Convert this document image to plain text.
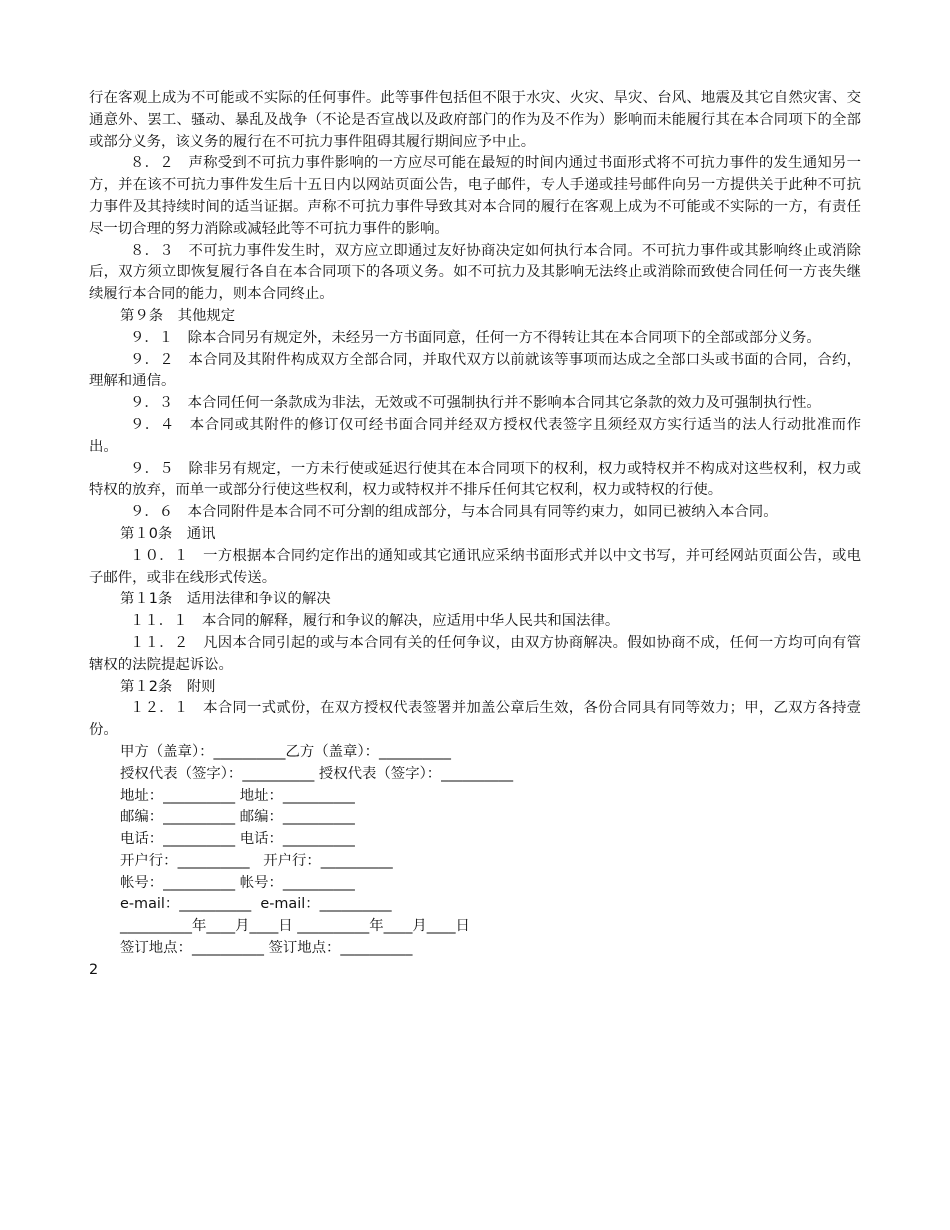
行在客观上成为不可能或不实际的任何事件。此等事件包括但不限于水灾、火灾、旱灾、台风、地震及其它自然灾害、交通意外、罢工、骚动、暴乱及战争（不论是否宣战以及政府部门的作为及不作为）影响而未能履行其在本合同项下的全部或部分义务，该义务的履行在不可抗力事件阻碍其履行期间应予中止。

８．２　声称受到不可抗力事件影响的一方应尽可能在最短的时间内通过书面形式将不可抗力事件的发生通知另一方，并在该不可抗力事件发生后十五日内以网站页面公告，电子邮件，专人手递或挂号邮件向另一方提供关于此种不可抗力事件及其持续时间的适当证据。声称不可抗力事件导致其对本合同的履行在客观上成为不可能或不实际的一方，有责任尽一切合理的努力消除或减轻此等不可抗力事件的影响。

８．３　不可抗力事件发生时，双方应立即通过友好协商决定如何执行本合同。不可抗力事件或其影响终止或消除后，双方须立即恢复履行各自在本合同项下的各项义务。如不可抗力及其影响无法终止或消除而致使合同任何一方丧失继续履行本合同的能力，则本合同终止。

第９条　其他规定

９．１　除本合同另有规定外，未经另一方书面同意，任何一方不得转让其在本合同项下的全部或部分义务。

９．２　本合同及其附件构成双方全部合同，并取代双方以前就该等事项而达成之全部口头或书面的合同，合约，理解和通信。

９．３　本合同任何一条款成为非法，无效或不可强制执行并不影响本合同其它条款的效力及可强制执行性。

９．４　本合同或其附件的修订仅可经书面合同并经双方授权代表签字且须经双方实行适当的法人行动批准而作出。

９．５　除非另有规定，一方未行使或延迟行使其在本合同项下的权利，权力或特权并不构成对这些权利，权力或特权的放弃，而单一或部分行使这些权利，权力或特权并不排斥任何其它权利，权力或特权的行使。

９．６　本合同附件是本合同不可分割的组成部分，与本合同具有同等约束力，如同已被纳入本合同。

第１0条　通讯

１０．１　一方根据本合同约定作出的通知或其它通讯应采纳书面形式并以中文书写，并可经网站页面公告，或电子邮件，或非在线形式传送。

第１1条　适用法律和争议的解决

１１．１　本合同的解释，履行和争议的解决，应适用中华人民共和国法律。

１１．２　凡因本合同引起的或与本合同有关的任何争议，由双方协商解决。假如协商不成，任何一方均可向有管辖权的法院提起诉讼。

第１2条　附则

１２．１　本合同一式贰份，在双方授权代表签署并加盖公章后生效，各份合同具有同等效力；甲，乙双方各持壹份。

甲方（盖章）：__________乙方（盖章）：__________

授权代表（签字）：__________ 授权代表（签字）：__________

地址：__________ 地址：__________

邮编：__________ 邮编：__________

电话：__________ 电话：__________

开户行：__________   开户行：__________

帐号：__________ 帐号：__________

e-mail：__________  e-mail：__________

__________年____月____日 __________年____月____日

签订地点：__________ 签订地点：__________

2
